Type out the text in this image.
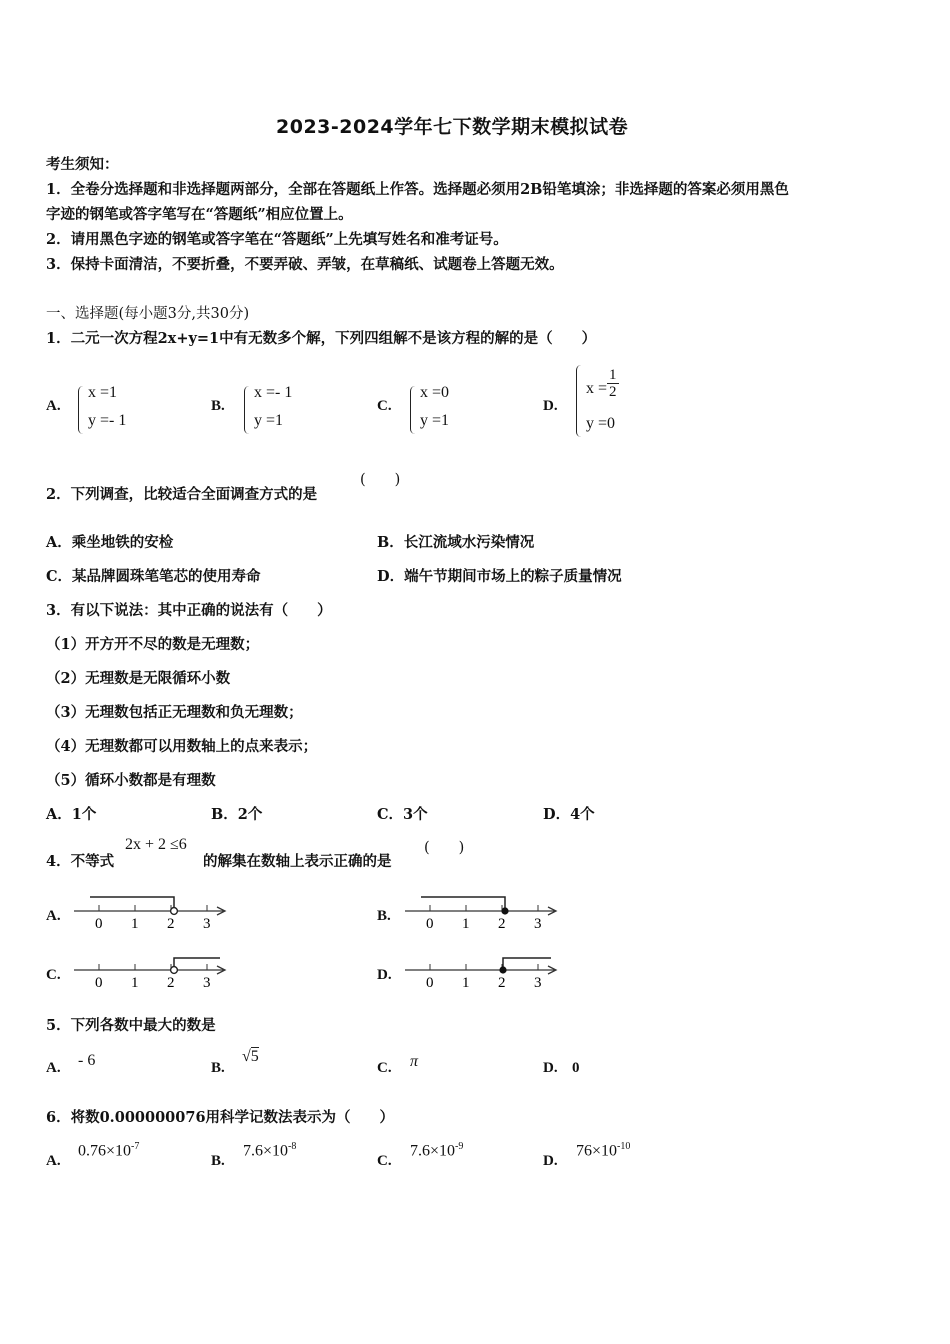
2023-2024学年七下数学期末模拟试卷
考生须知：
1．全卷分选择题和非选择题两部分，全部在答题纸上作答。选择题必须用2B铅笔填涂；非选择题的答案必须用黑色
字迹的钢笔或答字笔写在“答题纸”相应位置上。
2．请用黑色字迹的钢笔或答字笔在“答题纸”上先填写姓名和准考证号。
3．保持卡面清洁，不要折叠，不要弄破、弄皱，在草稿纸、试题卷上答题无效。
一、选择题(每小题3分,共30分)
1．二元一次方程2x+y=1中有无数多个解，下列四组解不是该方程的解的是（　　）
A.
x =1
y =- 1
B.
x =- 1
y =1
C.
x =0
y =1
D.
$x = \frac{1}{2}$
y =0
2．下列调查，比较适合全面调查方式的是
(　　)
A．乘坐地铁的安检	B．长江流域水污染情况
C．某品牌圆珠笔笔芯的使用寿命	D．端午节期间市场上的粽子质量情况
3．有以下说法：其中正确的说法有（　　）
（1）开方开不尽的数是无理数；
（2）无理数是无限循环小数
（3）无理数包括正无理数和负无理数；
（4）无理数都可以用数轴上的点来表示；
（5）循环小数都是有理数
A．1个	B．2个	C．3个	D．4个
4．不等式
2x + 2 ≤6
的解集在数轴上表示正确的是
(　　)
A. 0 1 2 3	B. 0 1 2 3
C. 0 1 2 3	D. 0 1 2 3
5．下列各数中最大的数是
A. - 6	B.
√5
C. π	D. 0
6．将数0.000000076用科学记数法表示为（　　）
A.
$0.76\times 10^{-7}$
B.
$7.6\times 10^{-8}$
C.
$7.6\times 10^{-9}$
D.
$76\times 10^{-10}$
